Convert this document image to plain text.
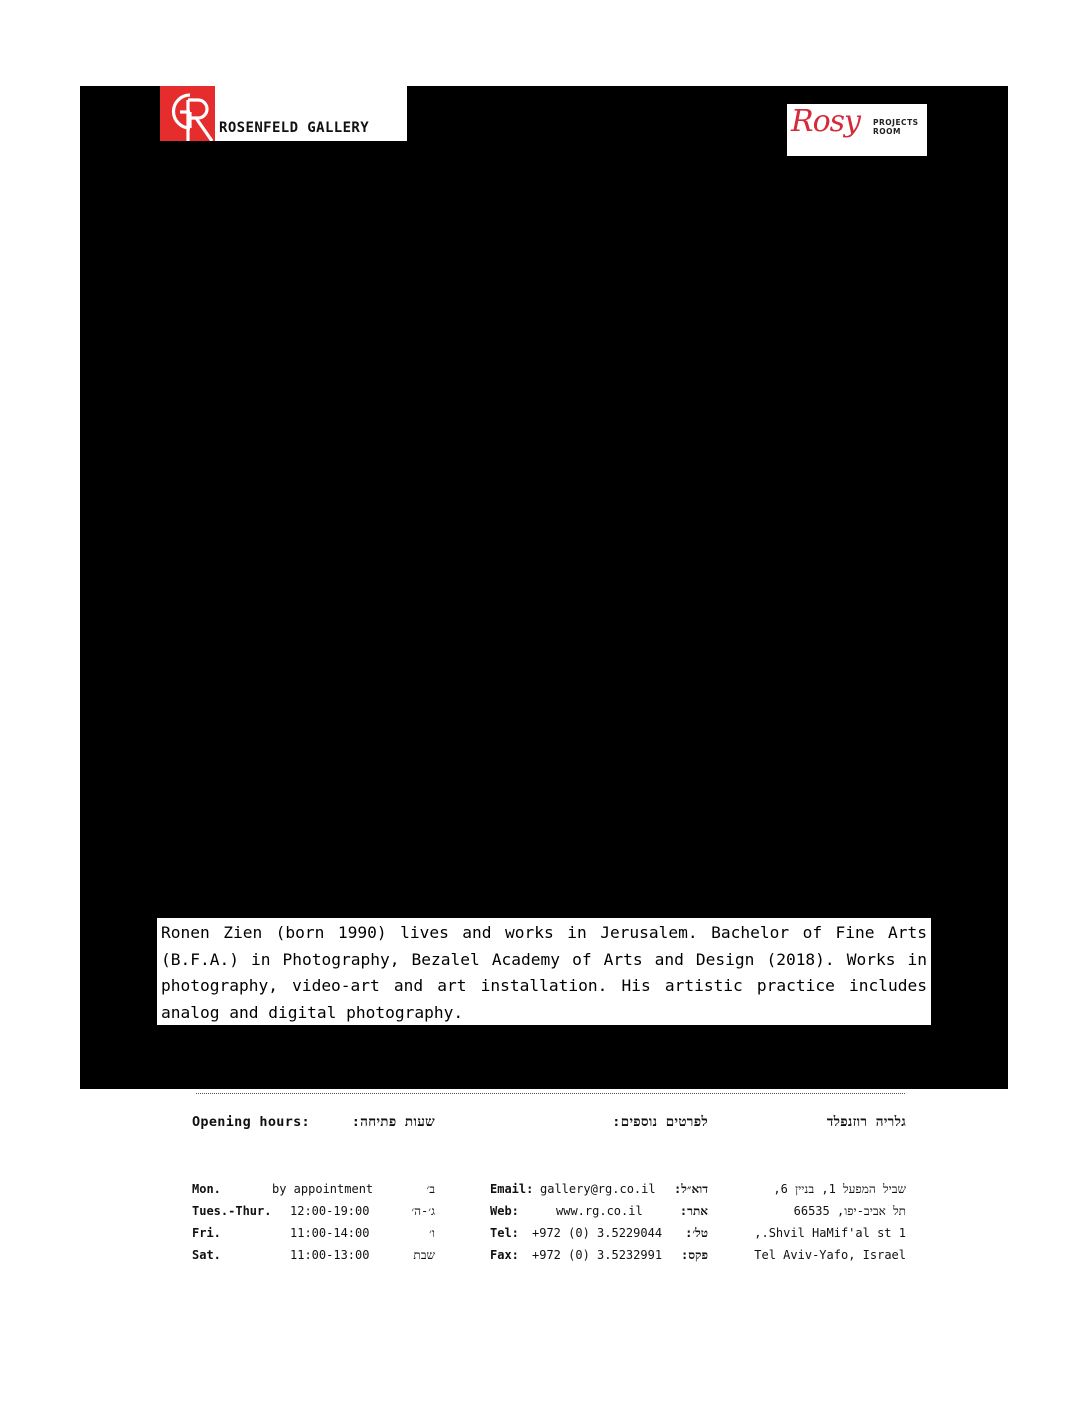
ROSENFELD GALLERY	Rosy PROJECTS
ROOM

Ronen Zien (born 1990) lives and works in Jerusalem. Bachelor of Fine Arts (B.F.A.) in Photography, Bezalel Academy of Arts and Design (2018). Works in photography, video-art and art installation. His artistic practice includes analog and digital photography.

Opening hours:	שעות פתיחה:	לפרטים נוספים:	גלריה רוזנפלד
Mon.	by appointment	ב׳
Tues.-Thur. 12:00-19:00	ג׳-ה׳
Fri.	11:00-14:00	ו׳
Sat.	11:00-13:00	שבת
Email: gallery@rg.co.il	דוא״ל:
Web:	www.rg.co.il	אתר:
Tel: +972 (0) 3.5229044	טל׳:
Fax: +972 (0) 3.5232991	פקס:
שביל המפעל 1, בניין 6,
תל אביב-יפו, 66535
1 Shvil HaMif'al st.,
Tel Aviv-Yafo, Israel
